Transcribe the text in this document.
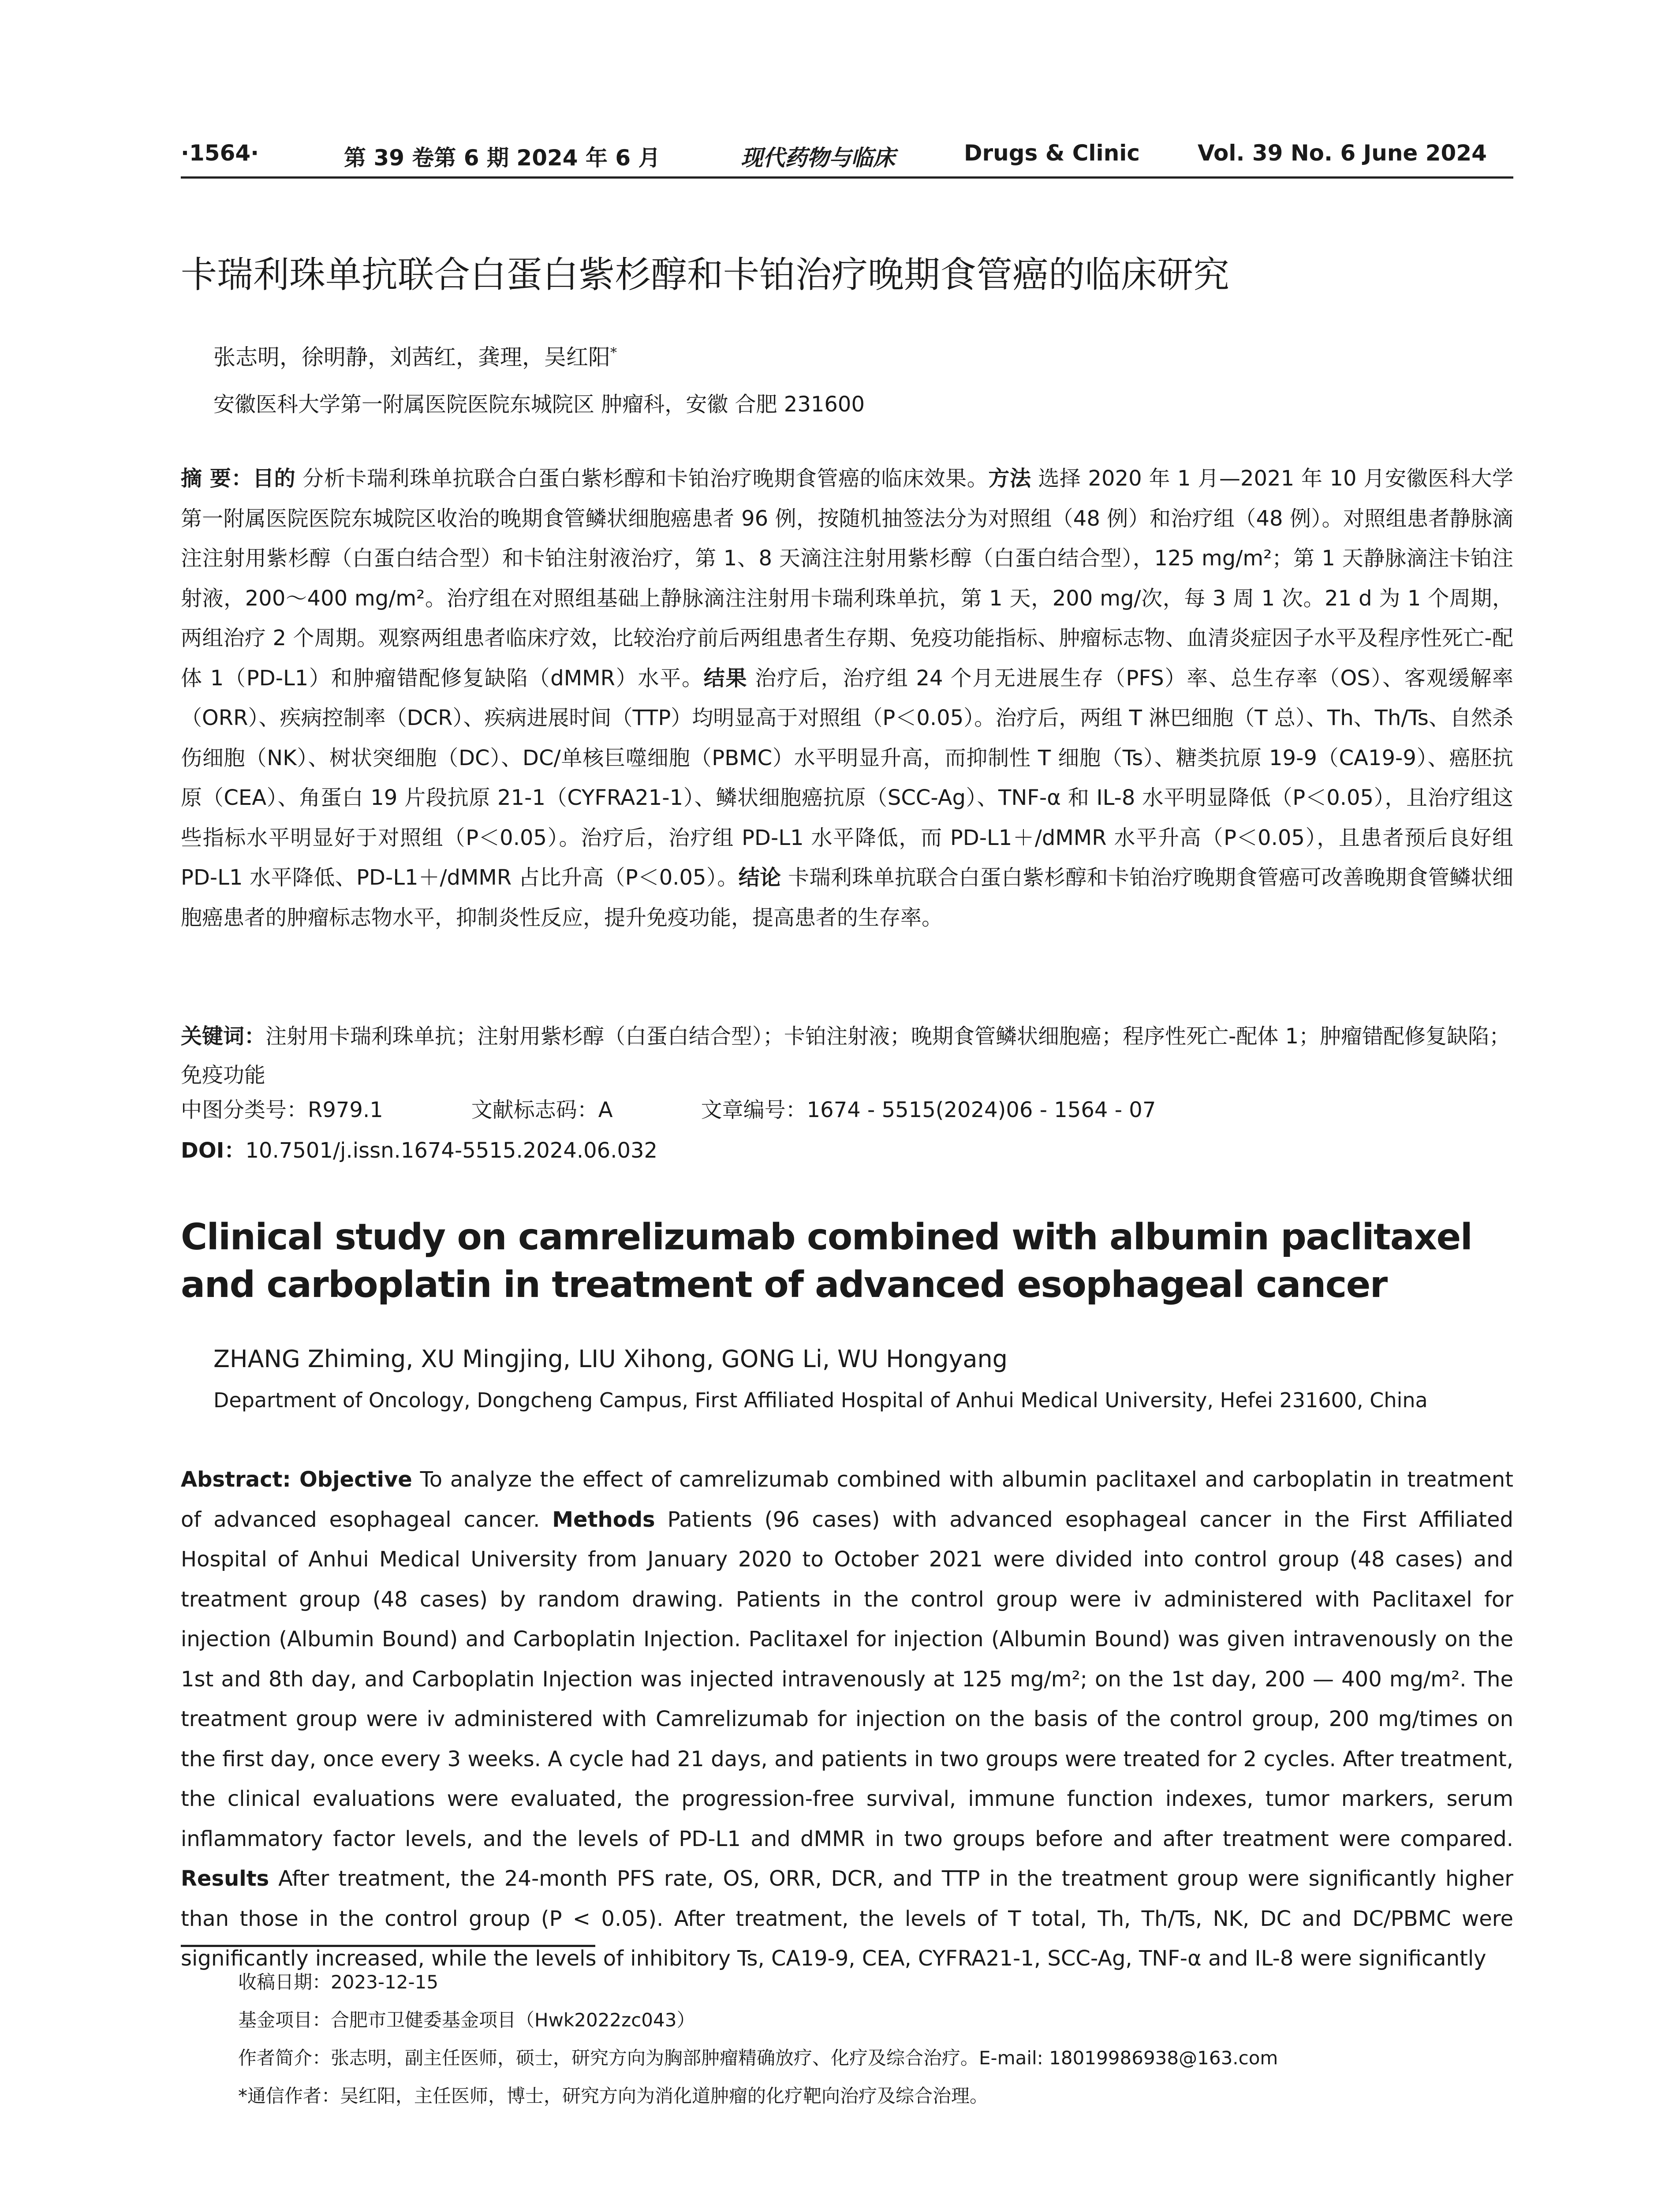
·1564·	第 39 卷第 6 期 2024 年 6 月	现代药物与临床	Drugs & Clinic	Vol. 39 No. 6 June 2024
卡瑞利珠单抗联合白蛋白紫杉醇和卡铂治疗晚期食管癌的临床研究
张志明，徐明静，刘茜红，龚理，吴红阳*
安徽医科大学第一附属医院医院东城院区 肿瘤科，安徽 合肥 231600
摘 要：目的 分析卡瑞利珠单抗联合白蛋白紫杉醇和卡铂治疗晚期食管癌的临床效果。方法 选择 2020 年 1 月—2021 年 10 月安徽医科大学第一附属医院医院东城院区收治的晚期食管鳞状细胞癌患者 96 例，按随机抽签法分为对照组（48 例）和治疗组（48 例）。对照组患者静脉滴注注射用紫杉醇（白蛋白结合型）和卡铂注射液治疗，第 1、8 天滴注注射用紫杉醇（白蛋白结合型），125 mg/m²；第 1 天静脉滴注卡铂注射液，200～400 mg/m²。治疗组在对照组基础上静脉滴注注射用卡瑞利珠单抗，第 1 天，200 mg/次，每 3 周 1 次。21 d 为 1 个周期，两组治疗 2 个周期。观察两组患者临床疗效，比较治疗前后两组患者生存期、免疫功能指标、肿瘤标志物、血清炎症因子水平及程序性死亡-配体 1（PD-L1）和肿瘤错配修复缺陷（dMMR）水平。结果 治疗后，治疗组 24 个月无进展生存（PFS）率、总生存率（OS）、客观缓解率（ORR）、疾病控制率（DCR）、疾病进展时间（TTP）均明显高于对照组（P＜0.05）。治疗后，两组 T 淋巴细胞（T 总）、Th、Th/Ts、自然杀伤细胞（NK）、树状突细胞（DC）、DC/单核巨噬细胞（PBMC）水平明显升高，而抑制性 T 细胞（Ts）、糖类抗原 19-9（CA19-9）、癌胚抗原（CEA）、角蛋白 19 片段抗原 21-1（CYFRA21-1）、鳞状细胞癌抗原（SCC-Ag）、TNF-α 和 IL-8 水平明显降低（P＜0.05），且治疗组这些指标水平明显好于对照组（P＜0.05）。治疗后，治疗组 PD-L1 水平降低，而 PD-L1＋/dMMR 水平升高（P＜0.05），且患者预后良好组 PD-L1 水平降低、PD-L1＋/dMMR 占比升高（P＜0.05）。结论 卡瑞利珠单抗联合白蛋白紫杉醇和卡铂治疗晚期食管癌可改善晚期食管鳞状细胞癌患者的肿瘤标志物水平，抑制炎性反应，提升免疫功能，提高患者的生存率。
关键词：注射用卡瑞利珠单抗；注射用紫杉醇（白蛋白结合型）；卡铂注射液；晚期食管鳞状细胞癌；程序性死亡-配体 1；肿瘤错配修复缺陷；免疫功能
中图分类号：R979.1	文献标志码：A	文章编号：1674 - 5515(2024)06 - 1564 - 07
DOI：10.7501/j.issn.1674-5515.2024.06.032
Clinical study on camrelizumab combined with albumin paclitaxel and carboplatin in treatment of advanced esophageal cancer
ZHANG Zhiming, XU Mingjing, LIU Xihong, GONG Li, WU Hongyang
Department of Oncology, Dongcheng Campus, First Affiliated Hospital of Anhui Medical University, Hefei 231600, China
Abstract: Objective To analyze the effect of camrelizumab combined with albumin paclitaxel and carboplatin in treatment of advanced esophageal cancer. Methods Patients (96 cases) with advanced esophageal cancer in the First Affiliated Hospital of Anhui Medical University from January 2020 to October 2021 were divided into control group (48 cases) and treatment group (48 cases) by random drawing. Patients in the control group were iv administered with Paclitaxel for injection (Albumin Bound) and Carboplatin Injection. Paclitaxel for injection (Albumin Bound) was given intravenously on the 1st and 8th day, and Carboplatin Injection was injected intravenously at 125 mg/m²; on the 1st day, 200 — 400 mg/m². The treatment group were iv administered with Camrelizumab for injection on the basis of the control group, 200 mg/times on the first day, once every 3 weeks. A cycle had 21 days, and patients in two groups were treated for 2 cycles. After treatment, the clinical evaluations were evaluated, the progression-free survival, immune function indexes, tumor markers, serum inflammatory factor levels, and the levels of PD-L1 and dMMR in two groups before and after treatment were compared. Results After treatment, the 24-month PFS rate, OS, ORR, DCR, and TTP in the treatment group were significantly higher than those in the control group (P < 0.05). After treatment, the levels of T total, Th, Th/Ts, NK, DC and DC/PBMC were significantly increased, while the levels of inhibitory Ts, CA19-9, CEA, CYFRA21-1, SCC-Ag, TNF-α and IL-8 were significantly
收稿日期：2023-12-15
基金项目：合肥市卫健委基金项目（Hwk2022zc043）
作者简介：张志明，副主任医师，硕士，研究方向为胸部肿瘤精确放疗、化疗及综合治疗。E-mail: 18019986938@163.com
*通信作者：吴红阳，主任医师，博士，研究方向为消化道肿瘤的化疗靶向治疗及综合治理。
